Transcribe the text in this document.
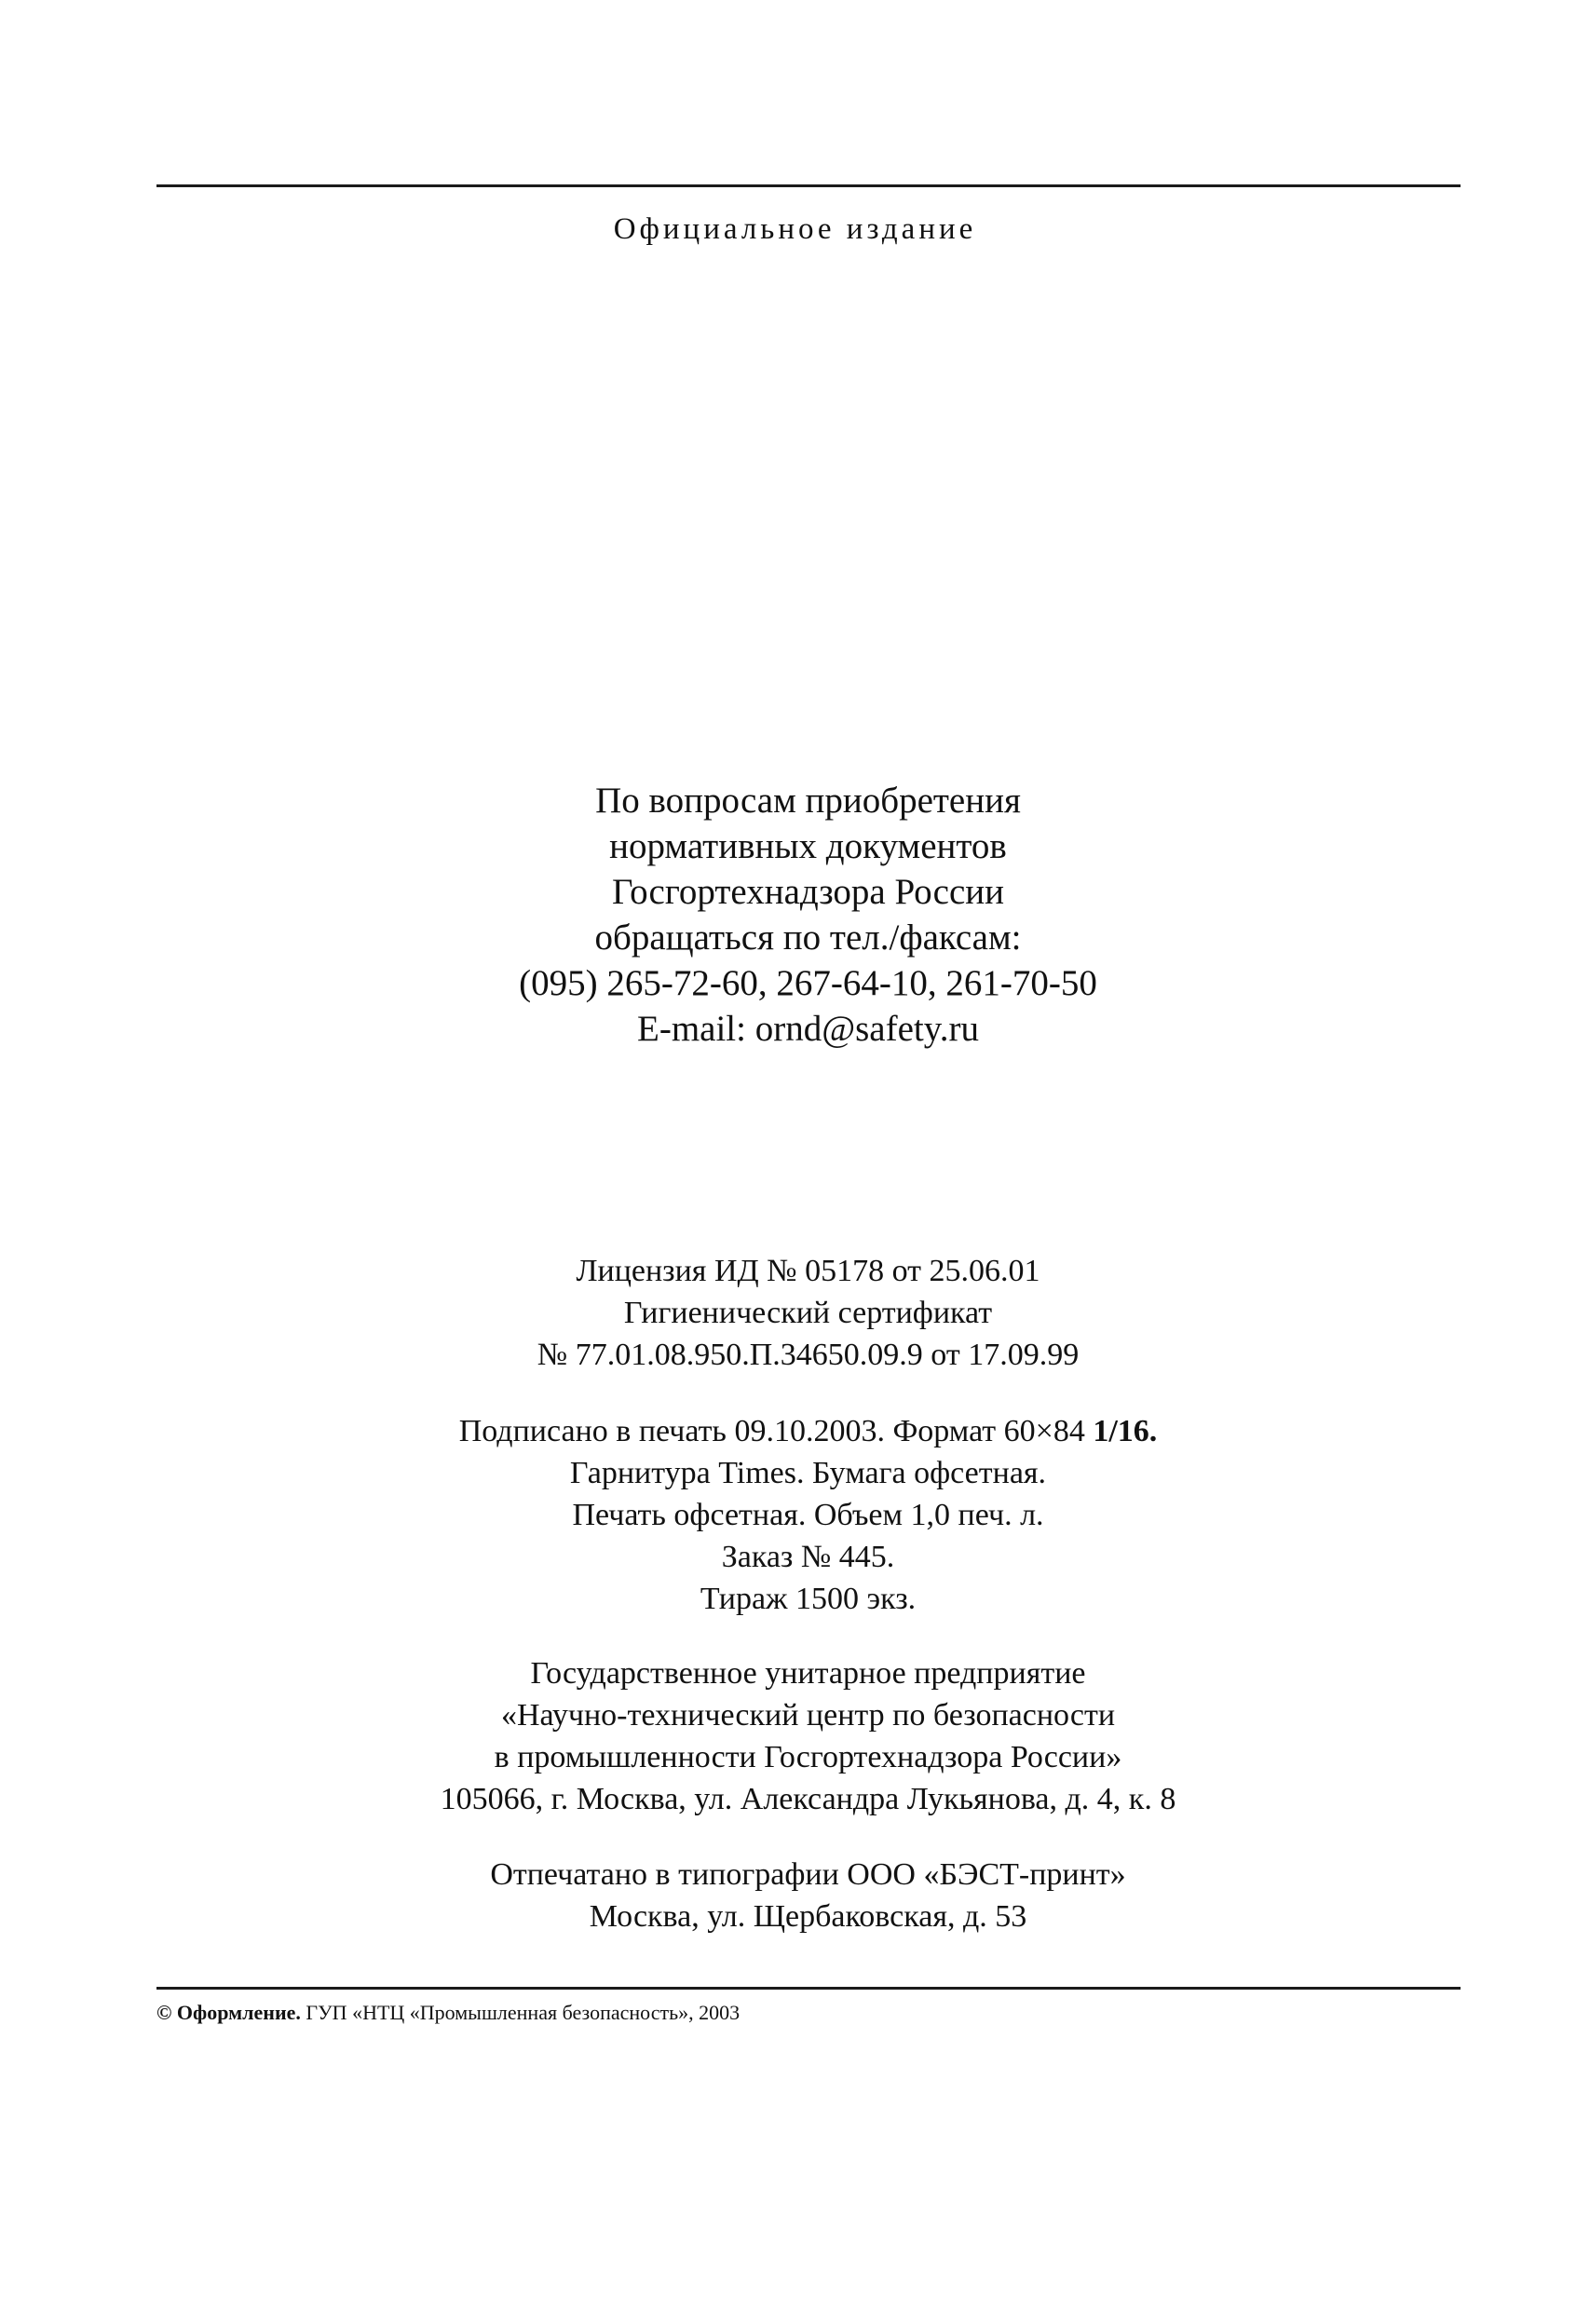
Официальное издание
По вопросам приобретения
нормативных документов
Госгортехнадзора России
обращаться по тел./факсам:
(095) 265-72-60, 267-64-10, 261-70-50
E-mail: ornd@safety.ru
Лицензия ИД № 05178 от 25.06.01
Гигиенический сертификат
№ 77.01.08.950.П.34650.09.9 от 17.09.99
Подписано в печать 09.10.2003. Формат 60×84 1/16.
Гарнитура Times. Бумага офсетная.
Печать офсетная. Объем 1,0 печ. л.
Заказ № 445.
Тираж 1500 экз.
Государственное унитарное предприятие
«Научно-технический центр по безопасности
в промышленности Госгортехнадзора России»
105066, г. Москва, ул. Александра Лукьянова, д. 4, к. 8
Отпечатано в типографии ООО «БЭСТ-принт»
Москва, ул. Щербаковская, д. 53
© Оформление. ГУП «НТЦ «Промышленная безопасность», 2003
